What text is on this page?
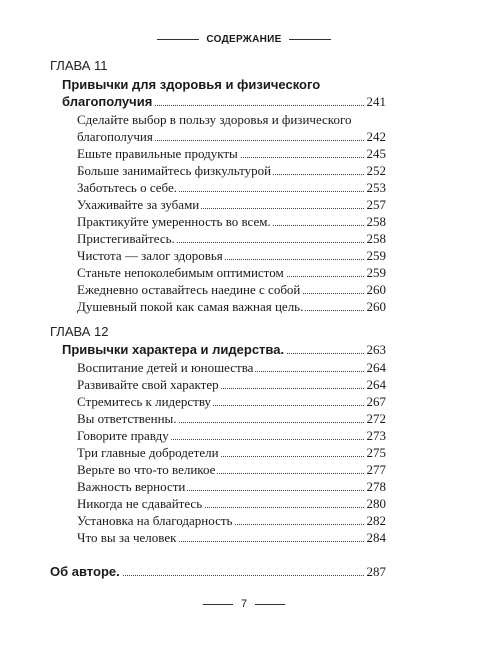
СОДЕРЖАНИЕ
ГЛАВА 11
Привычки для здоровья и физического
благополучия	241
Сделайте выбор в пользу здоровья и физического
благополучия	242
Ешьте правильные продукты	245
Больше занимайтесь физкультурой	252
Заботьтесь о себе.	253
Ухаживайте за зубами	257
Практикуйте умеренность во всем.	258
Пристегивайтесь.	258
Чистота — залог здоровья	259
Станьте непоколебимым оптимистом	259
Ежедневно оставайтесь наедине с собой	260
Душевный покой как самая важная цель.	260
ГЛАВА 12
Привычки характера и лидерства.	263
Воспитание детей и юношества	264
Развивайте свой характер	264
Стремитесь к лидерству	267
Вы ответственны.	272
Говорите правду	273
Три главные добродетели	275
Верьте во что-то великое	277
Важность верности	278
Никогда не сдавайтесь	280
Установка на благодарность	282
Что вы за человек	284
Об авторе.	287
7
